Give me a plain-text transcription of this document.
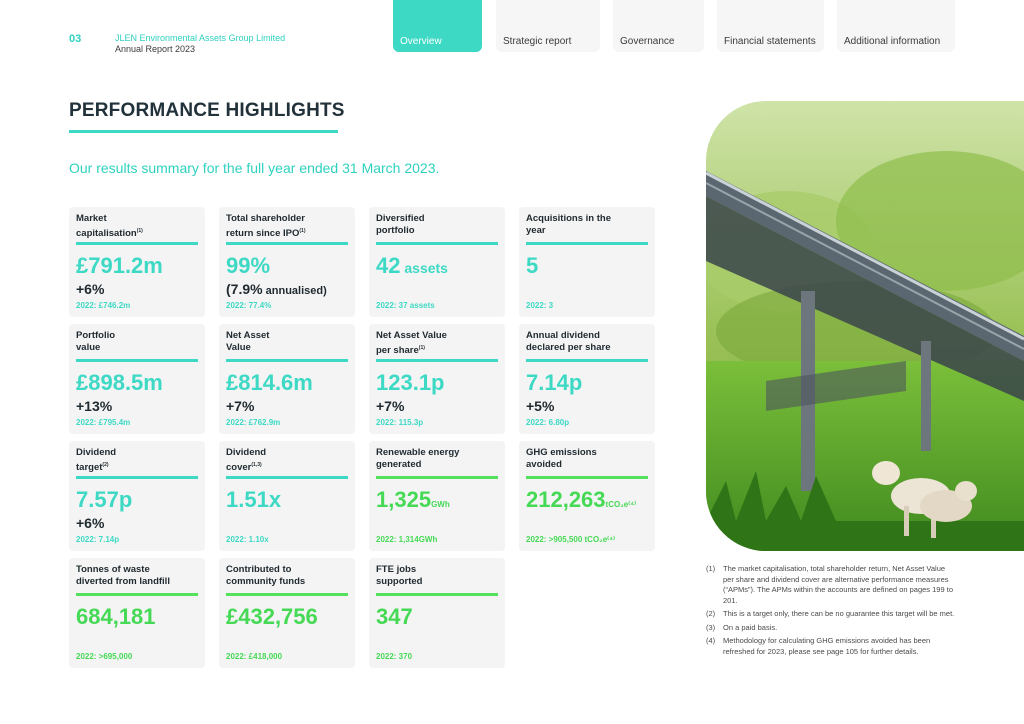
03	JLEN Environmental Assets Group Limited
Annual Report 2023
Overview	Strategic report	Governance	Financial statements	Additional information
PERFORMANCE HIGHLIGHTS
Our results summary for the full year ended 31 March 2023.
Market
capitalisation$^{(1)}$
£791.2m
+6%
2022: £746.2m
Total shareholder
return since IPO$^{(1)}$
99%
(7.9% annualised)
2022: 77.4%
Diversified
portfolio
42 assets
2022: 37 assets
Acquisitions in the
year
5
2022: 3
Portfolio
value
£898.5m
+13%
2022: £795.4m
Net Asset
Value
£814.6m
+7%
2022: £762.9m
Net Asset Value
per share$^{(1)}$
123.1p
+7%
2022: 115.3p
Annual dividend
declared per share
7.14p
+5%
2022: 6.80p
Dividend
target$^{(2)}$
7.57p
+6%
2022: 7.14p
Dividend
cover$^{(1,3)}$
1.51x
2022: 1.10x
Renewable energy
generated
1,325GWh
2022: 1,314GWh
GHG emissions
avoided
212,263tCO₂e⁽⁴⁾
2022: >905,500 tCO₂e⁽⁴⁾
Tonnes of waste
diverted from landfill
684,181
2022: >695,000
Contributed to
community funds
£432,756
2022: £418,000
FTE jobs
supported
347
2022: 370
(1)	The market capitalisation, total shareholder return, Net Asset Value per share and dividend cover are alternative performance measures (“APMs”). The APMs within the accounts are defined on pages 199 to 201.
(2)	This is a target only, there can be no guarantee this target will be met.
(3)	On a paid basis.
(4)	Methodology for calculating GHG emissions avoided has been refreshed for 2023, please see page 105 for further details.
